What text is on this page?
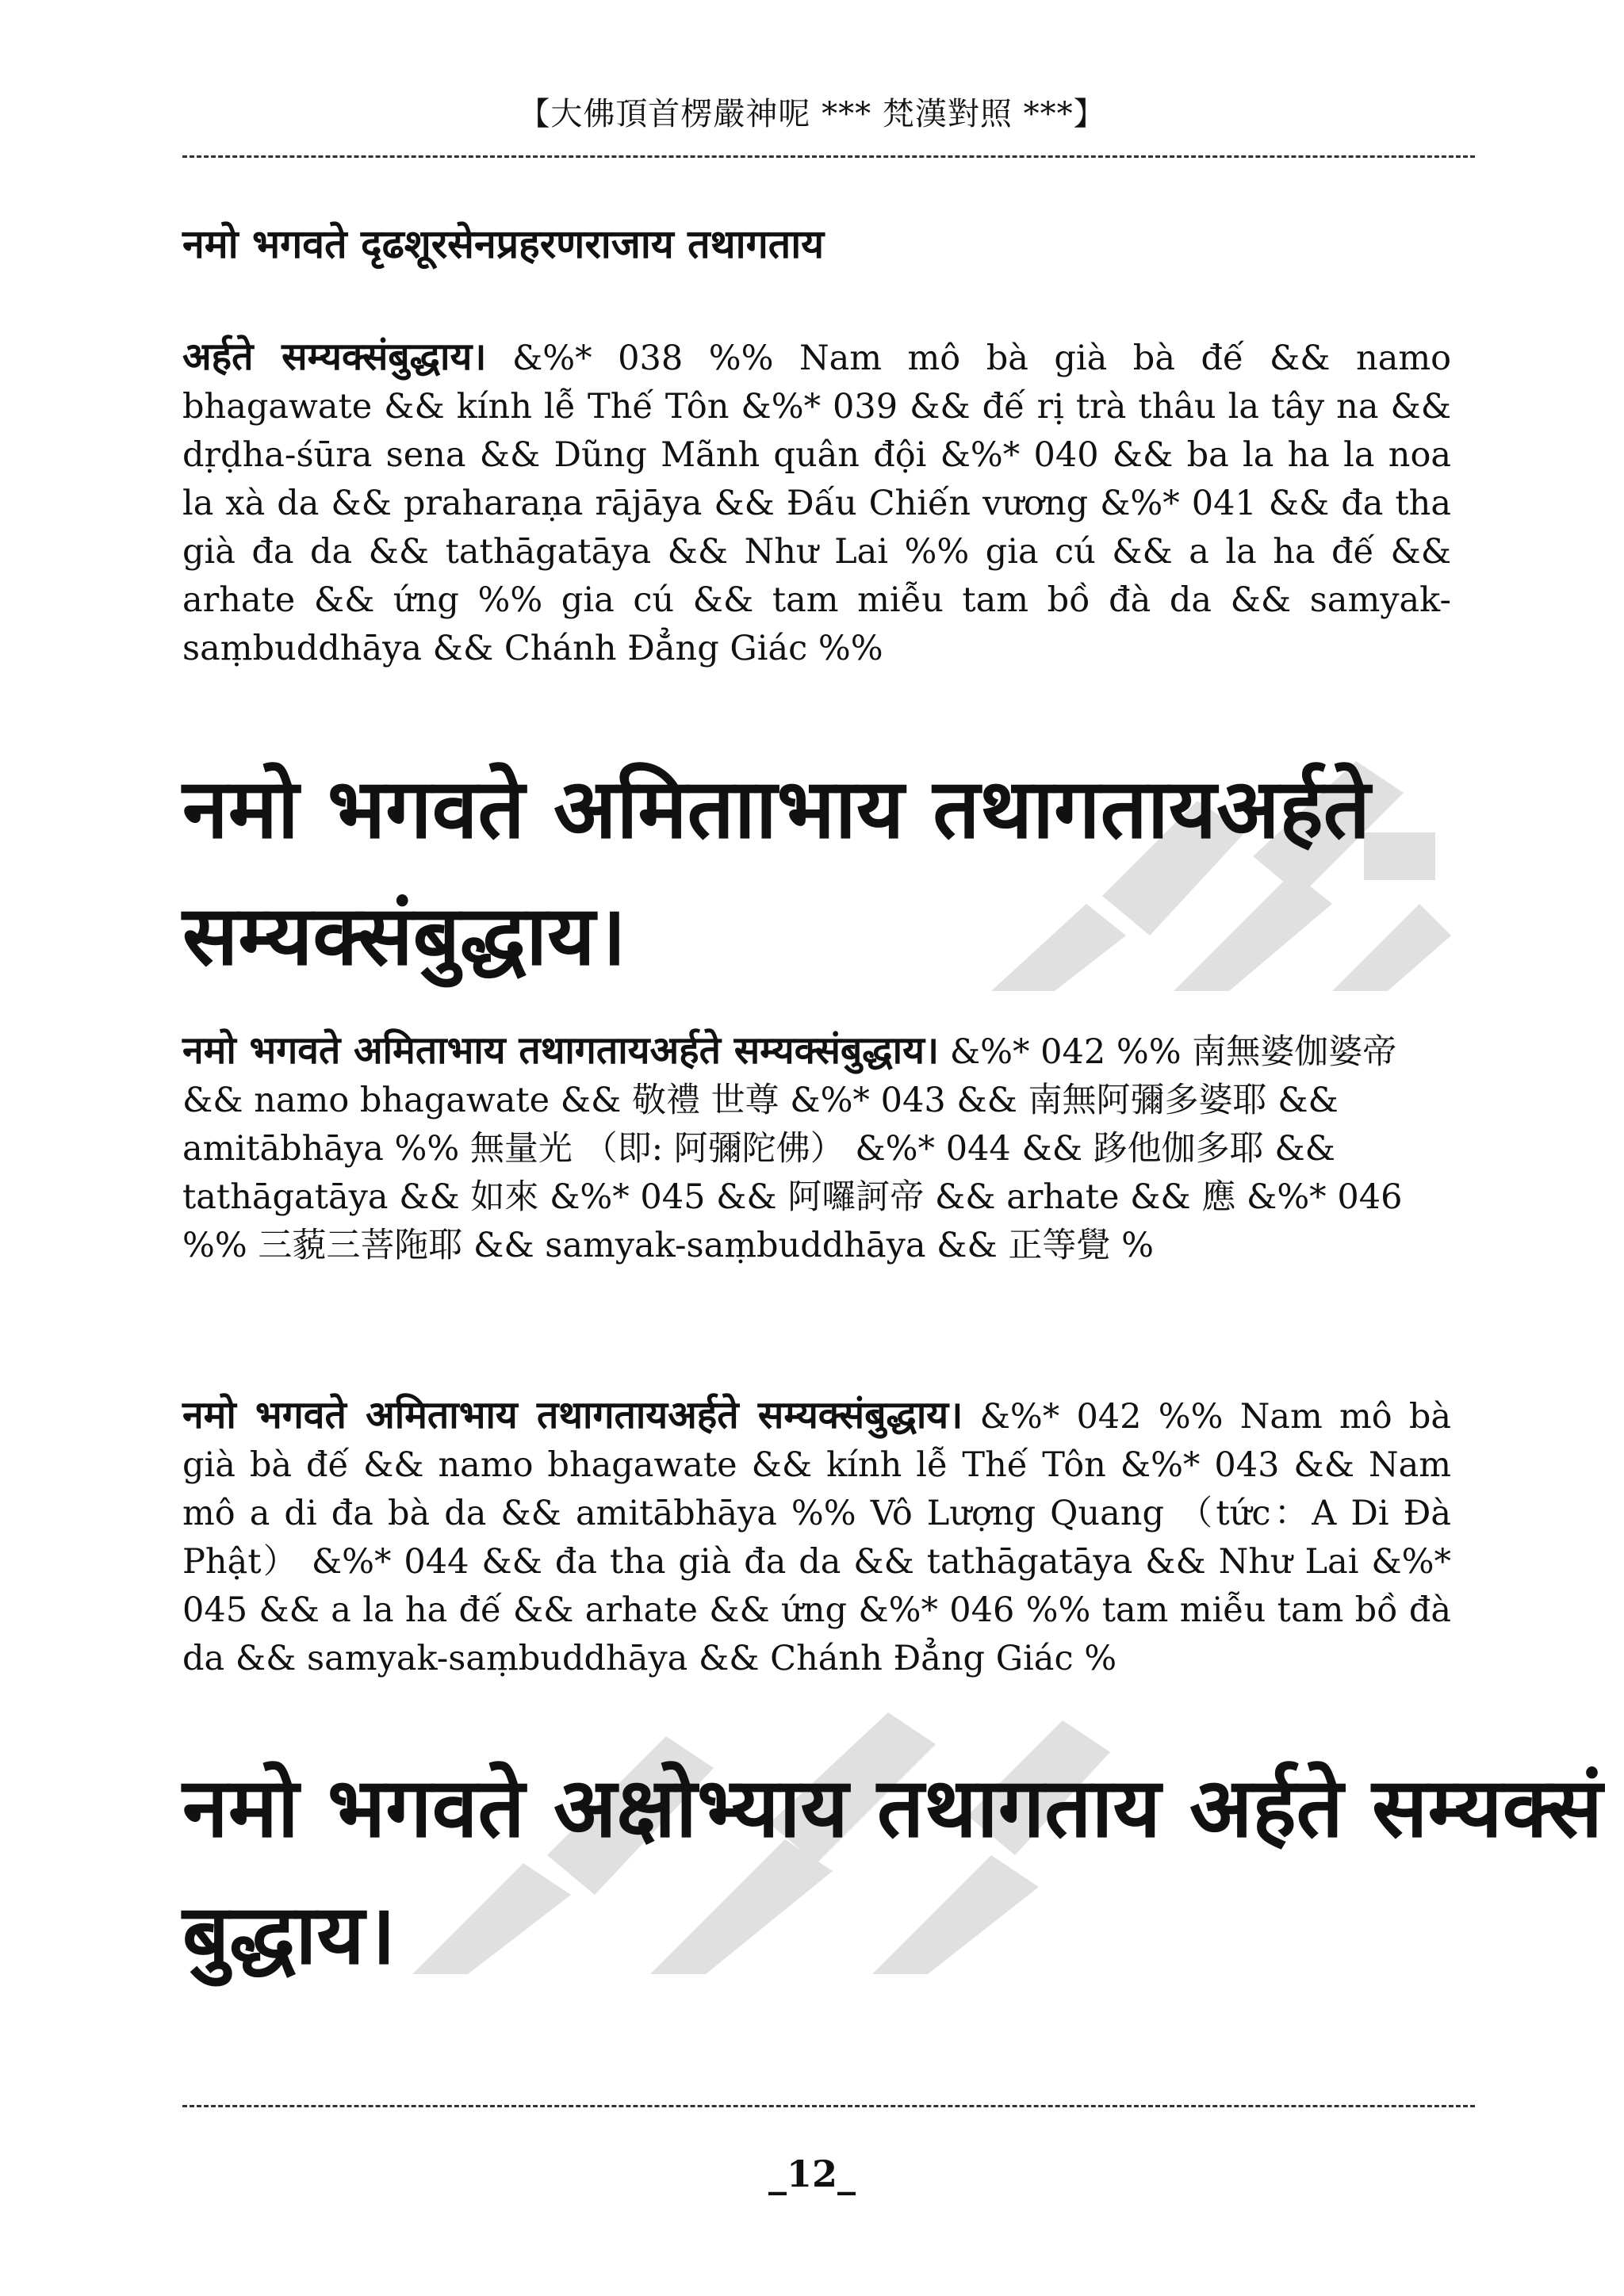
【大佛頂首楞嚴神呢 *** 梵漢對照 ***】
नमो भगवते दृढशूरसेनप्रहरणराजाय तथागताय
अर्हते सम्यक्संबुद्धाय। &%* 038 %% Nam mô bà già bà đế && namo bhagawate && kính lễ Thế Tôn &%* 039 && đế rị trà thâu la tây na && dṛḍha-śūra sena && Dũng Mãnh quân đội &%* 040 && ba la ha la noa la xà da && praharaṇa rājāya && Đấu Chiến vương &%* 041 && đa tha già đa da && tathāgatāya && Như Lai %% gia cú && a la ha đế && arhate && ứng %% gia cú && tam miễu tam bồ đà da && samyak-saṃbuddhāya && Chánh Đẳng Giác %%
नमो भगवते अमितााभाय तथागतायअर्हते
सम्यक्संबुद्धाय।
नमो भगवते अमिताभाय तथागतायअर्हते सम्यक्संबुद्धाय। &%* 042 %% 南無婆伽婆帝 && namo bhagawate && 敬禮 世尊 &%* 043 && 南無阿彌多婆耶 && amitābhāya %% 無量光 （即: 阿彌陀佛） &%* 044 && 跢他伽多耶 && tathāgatāya && 如來 &%* 045 && 阿囉訶帝 && arhate && 應 &%* 046 %% 三藐三菩陁耶 && samyak-saṃbuddhāya && 正等覺 %
नमो भगवते अमिताभाय तथागतायअर्हते सम्यक्संबुद्धाय। &%* 042 %% Nam mô bà già bà đế && namo bhagawate && kính lễ Thế Tôn &%* 043 && Nam mô a di đa bà da && amitābhāya %% Vô Lượng Quang （tức：A Di Đà Phật） &%* 044 && đa tha già đa da && tathāgatāya && Như Lai &%* 045 && a la ha đế && arhate && ứng &%* 046 %% tam miễu tam bồ đà da && samyak-saṃbuddhāya && Chánh Đẳng Giác %
नमो भगवते अक्षोभ्याय तथागताय अर्हते सम्यक्सं
बुद्धाय।
_12_
